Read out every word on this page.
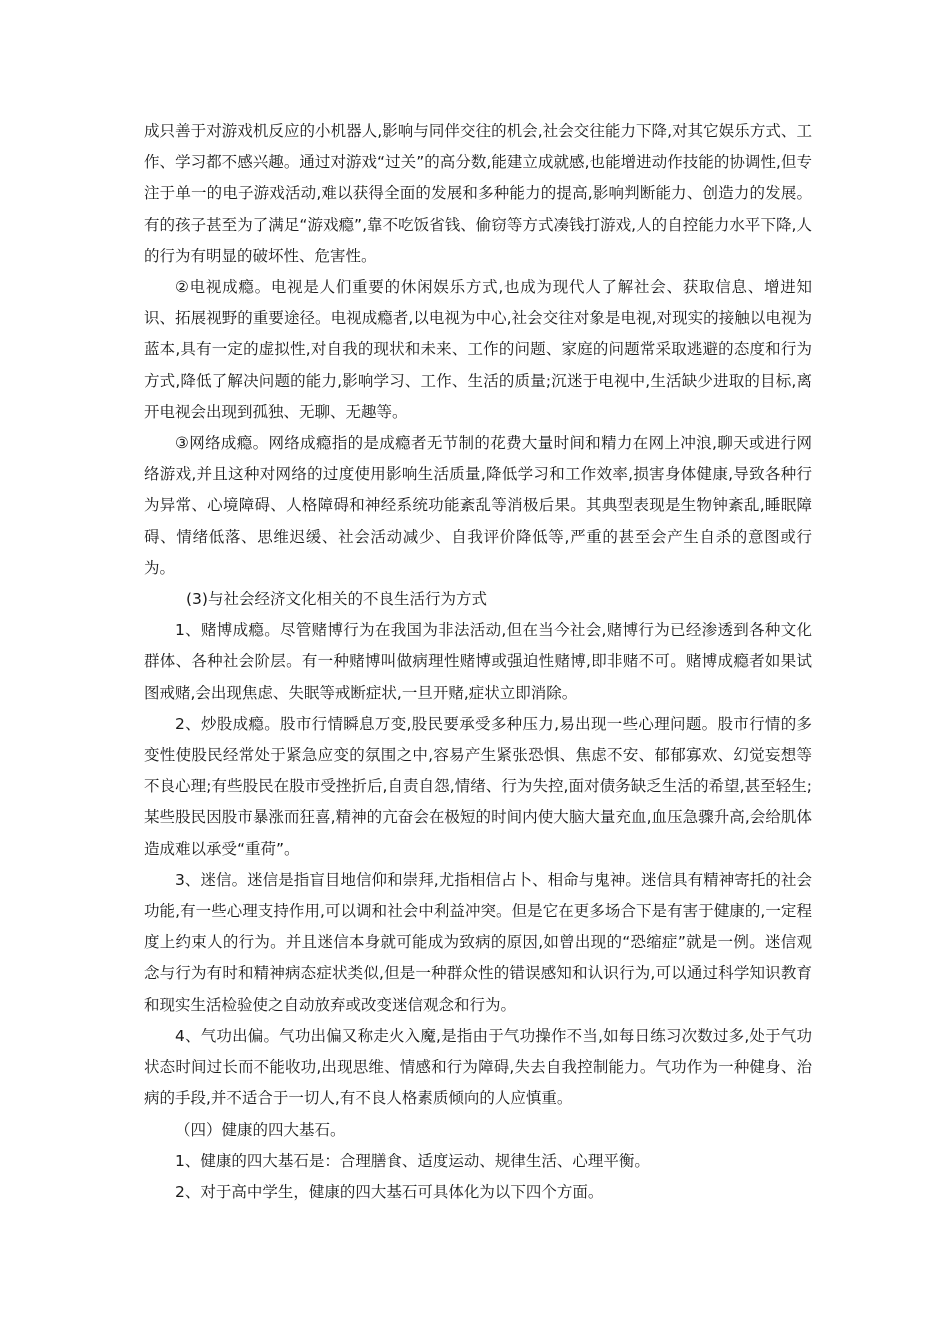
成只善于对游戏机反应的小机器人,影响与同伴交往的机会,社会交往能力下降,对其它娱乐方式、工作、学习都不感兴趣。通过对游戏“过关”的高分数,能建立成就感,也能增进动作技能的协调性,但专注于单一的电子游戏活动,难以获得全面的发展和多种能力的提高,影响判断能力、创造力的发展。有的孩子甚至为了满足“游戏瘾”,靠不吃饭省钱、偷窃等方式凑钱打游戏,人的自控能力水平下降,人的行为有明显的破坏性、危害性。

②电视成瘾。电视是人们重要的休闲娱乐方式,也成为现代人了解社会、获取信息、增进知识、拓展视野的重要途径。电视成瘾者,以电视为中心,社会交往对象是电视,对现实的接触以电视为蓝本,具有一定的虚拟性,对自我的现状和未来、工作的问题、家庭的问题常采取逃避的态度和行为方式,降低了解决问题的能力,影响学习、工作、生活的质量;沉迷于电视中,生活缺少进取的目标,离开电视会出现到孤独、无聊、无趣等。

③网络成瘾。网络成瘾指的是成瘾者无节制的花费大量时间和精力在网上冲浪,聊天或进行网络游戏,并且这种对网络的过度使用影响生活质量,降低学习和工作效率,损害身体健康,导致各种行为异常、心境障碍、人格障碍和神经系统功能紊乱等消极后果。其典型表现是生物钟紊乱,睡眠障碍、情绪低落、思维迟缓、社会活动减少、自我评价降低等,严重的甚至会产生自杀的意图或行为。

(3)与社会经济文化相关的不良生活行为方式

1、赌博成瘾。尽管赌博行为在我国为非法活动,但在当今社会,赌博行为已经渗透到各种文化群体、各种社会阶层。有一种赌博叫做病理性赌博或强迫性赌博,即非赌不可。赌博成瘾者如果试图戒赌,会出现焦虑、失眠等戒断症状,一旦开赌,症状立即消除。

2、炒股成瘾。股市行情瞬息万变,股民要承受多种压力,易出现一些心理问题。股市行情的多变性使股民经常处于紧急应变的氛围之中,容易产生紧张恐惧、焦虑不安、郁郁寡欢、幻觉妄想等不良心理;有些股民在股市受挫折后,自责自怨,情绪、行为失控,面对债务缺乏生活的希望,甚至轻生;某些股民因股市暴涨而狂喜,精神的亢奋会在极短的时间内使大脑大量充血,血压急骤升高,会给肌体造成难以承受“重荷”。

3、迷信。迷信是指盲目地信仰和崇拜,尤指相信占卜、相命与鬼神。迷信具有精神寄托的社会功能,有一些心理支持作用,可以调和社会中利益冲突。但是它在更多场合下是有害于健康的,一定程度上约束人的行为。并且迷信本身就可能成为致病的原因,如曾出现的“恐缩症”就是一例。迷信观念与行为有时和精神病态症状类似,但是一种群众性的错误感知和认识行为,可以通过科学知识教育和现实生活检验使之自动放弃或改变迷信观念和行为。

4、气功出偏。气功出偏又称走火入魔,是指由于气功操作不当,如每日练习次数过多,处于气功状态时间过长而不能收功,出现思维、情感和行为障碍,失去自我控制能力。气功作为一种健身、治病的手段,并不适合于一切人,有不良人格素质倾向的人应慎重。

（四）健康的四大基石。

1、健康的四大基石是：合理膳食、适度运动、规律生活、心理平衡。

2、对于高中学生，健康的四大基石可具体化为以下四个方面。
